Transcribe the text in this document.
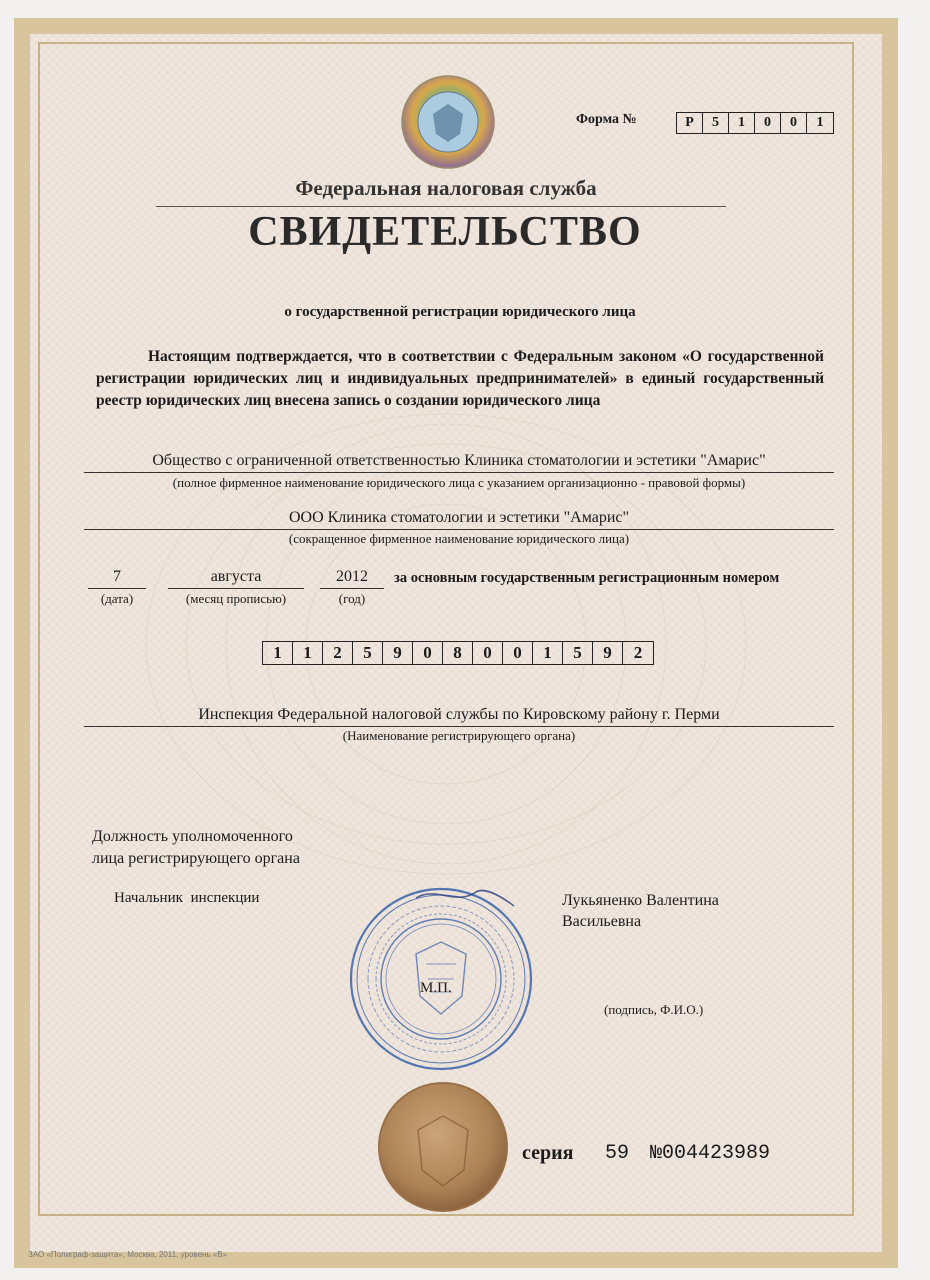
Форма №	Р	5	1	0	0	1
Федеральная налоговая служба
СВИДЕТЕЛЬСТВО
о государственной регистрации юридического лица
Настоящим подтверждается, что в соответствии с Федеральным законом «О государственной регистрации юридических лиц и индивидуальных предпринимателей» в единый государственный реестр юридических лиц внесена запись о создании юридического лица
Общество с ограниченной ответственностью Клиника стоматологии и эстетики "Амарис"
(полное фирменное наименование юридического лица с указанием организационно - правовой формы)
ООО Клиника стоматологии и эстетики "Амарис"
(сокращенное фирменное наименование юридического лица)
7
(дата)
августа
(месяц прописью)
2012
(год)
за основным государственным регистрационным номером
1	1	2	5	9	0	8	0	0	1	5	9	2
Инспекция Федеральной налоговой службы по Кировскому району г. Перми
(Наименование регистрирующего органа)
Должность уполномоченного
лица регистрирующего органа
Начальник инспекции	Лукьяненко Валентина
Васильевна
(подпись, Ф.И.О.)
М.П.
серия 59 №004423989
ЗАО «Полиграф-защита», Москва, 2011, уровень «В»
